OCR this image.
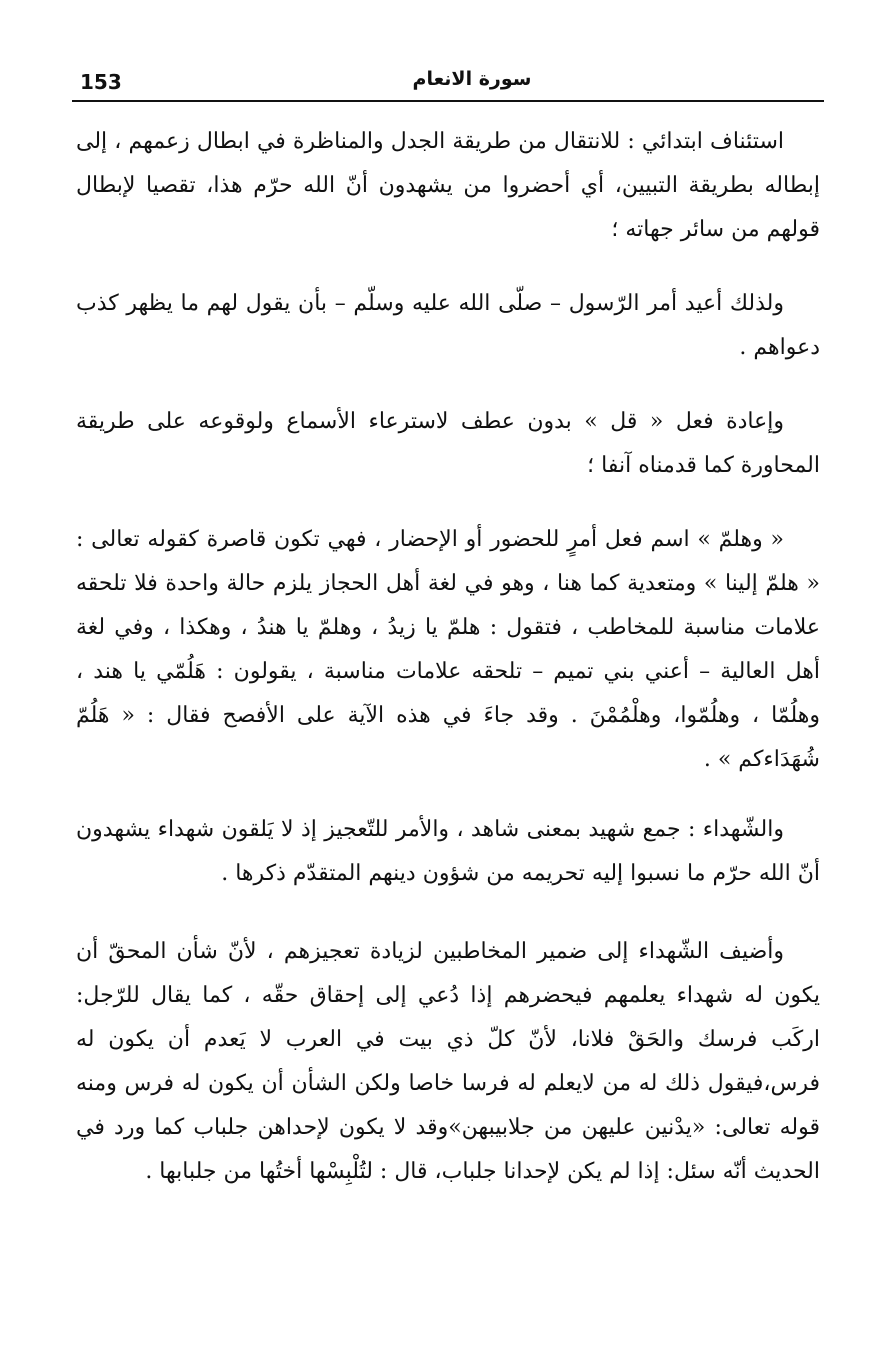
153	سورة الانعام

استئناف ابتدائي : للانتقال من طريقة الجدل والمناظرة في ابطال زعمهم ، إلى إبطاله بطريقة التبيين، أي أحضروا من يشهدون أنّ الله حرّم هذا، تقصيا لإبطال قولهم من سائر جهاته ؛

ولذلك أعيد أمر الرّسول – صلّى الله عليه وسلّم – بأن يقول لهم ما يظهر كذب دعواهم .

وإعادة فعل « قل » بدون عطف لاسترعاء الأسماع ولوقوعه على طريقة المحاورة كما قدمناه آنفا ؛

« وهلمّ » اسم فعل أمرٍ للحضور أو الإحضار ، فهي تكون قاصرة كقوله تعالى : « هلمّ إلينا » ومتعدية كما هنا ، وهو في لغة أهل الحجاز يلزم حالة واحدة فلا تلحقه علامات مناسبة للمخاطب ، فتقول : هلمّ يا زيدُ ، وهلمّ يا هندُ ، وهكذا ، وفي لغة أهل العالية – أعني بني تميم – تلحقه علامات مناسبة ، يقولون : هَلُمّي يا هند ، وهلُمّا ، وهلُمّوا، وهلْمُمْنَ . وقد جاءَ في هذه الآية على الأفصح فقال : « هَلُمّ شُهَدَاءكم » .

والشّهداء : جمع شهيد بمعنى شاهد ، والأمر للتّعجيز إذ لا يَلقون شهداء يشهدون أنّ الله حرّم ما نسبوا إليه تحريمه من شؤون دينهم المتقدّم ذكرها .

وأضيف الشّهداء إلى ضمير المخاطبين لزيادة تعجيزهم ، لأنّ شأن المحقّ أن يكون له شهداء يعلمهم فيحضرهم إذا دُعي إلى إحقاق حقّه ، كما يقال للرّجل: اركَب فرسك والحَقْ فلانا، لأنّ كلّ ذي بيت في العرب لا يَعدم أن يكون له فرس،فيقول ذلك له من لايعلم له فرسا خاصا ولكن الشأن أن يكون له فرس ومنه قوله تعالى: «يدْنين عليهن من جلابيبهن»وقد لا يكون لإحداهن جلباب كما ورد في الحديث أنّه سئل: إذا لم يكن لإحدانا جلباب، قال : لتُلْبِسْها أختُها من جلبابها .
